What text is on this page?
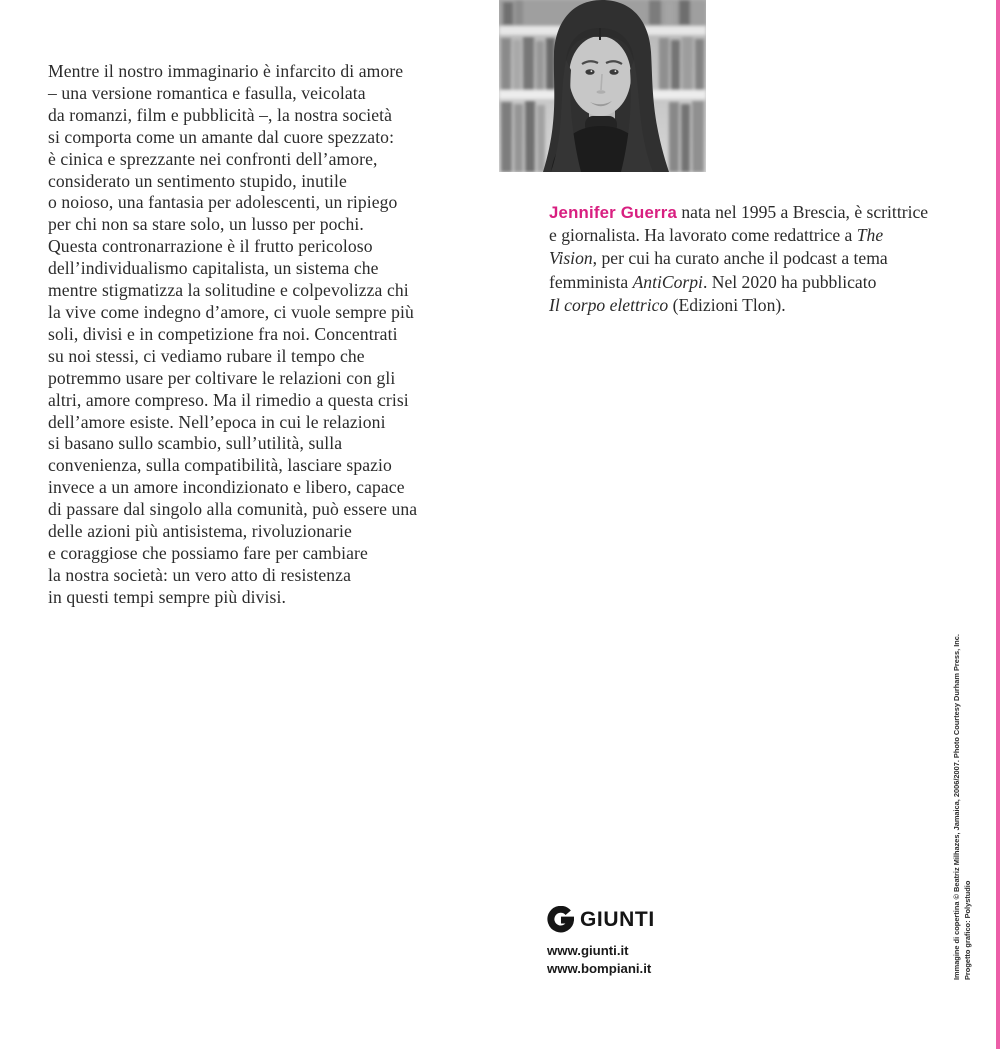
Mentre il nostro immaginario è infarcito di amore
– una versione romantica e fasulla, veicolata
da romanzi, film e pubblicità –, la nostra società
si comporta come un amante dal cuore spezzato:
è cinica e sprezzante nei confronti dell’amore,
considerato un sentimento stupido, inutile
o noioso, una fantasia per adolescenti, un ripiego
per chi non sa stare solo, un lusso per pochi.
Questa contronarrazione è il frutto pericoloso
dell’individualismo capitalista, un sistema che
mentre stigmatizza la solitudine e colpevolizza chi
la vive come indegno d’amore, ci vuole sempre più
soli, divisi e in competizione fra noi. Concentrati
su noi stessi, ci vediamo rubare il tempo che
potremmo usare per coltivare le relazioni con gli
altri, amore compreso. Ma il rimedio a questa crisi
dell’amore esiste. Nell’epoca in cui le relazioni
si basano sullo scambio, sull’utilità, sulla
convenienza, sulla compatibilità, lasciare spazio
invece a un amore incondizionato e libero, capace
di passare dal singolo alla comunità, può essere una
delle azioni più antisistema, rivoluzionarie
e coraggiose che possiamo fare per cambiare
la nostra società: un vero atto di resistenza
in questi tempi sempre più divisi.
Jennifer Guerra nata nel 1995 a Brescia, è scrittrice
e giornalista. Ha lavorato come redattrice a The
Vision, per cui ha curato anche il podcast a tema
femminista AntiCorpi. Nel 2020 ha pubblicato
Il corpo elettrico (Edizioni Tlon).
GIUNTI
www.giunti.it
www.bompiani.it	Immagine di copertina © Beatriz Milhazes, Jamaica, 2006/2007. Photo Courtesy Durham Press, Inc. Progetto grafico: Polystudio
